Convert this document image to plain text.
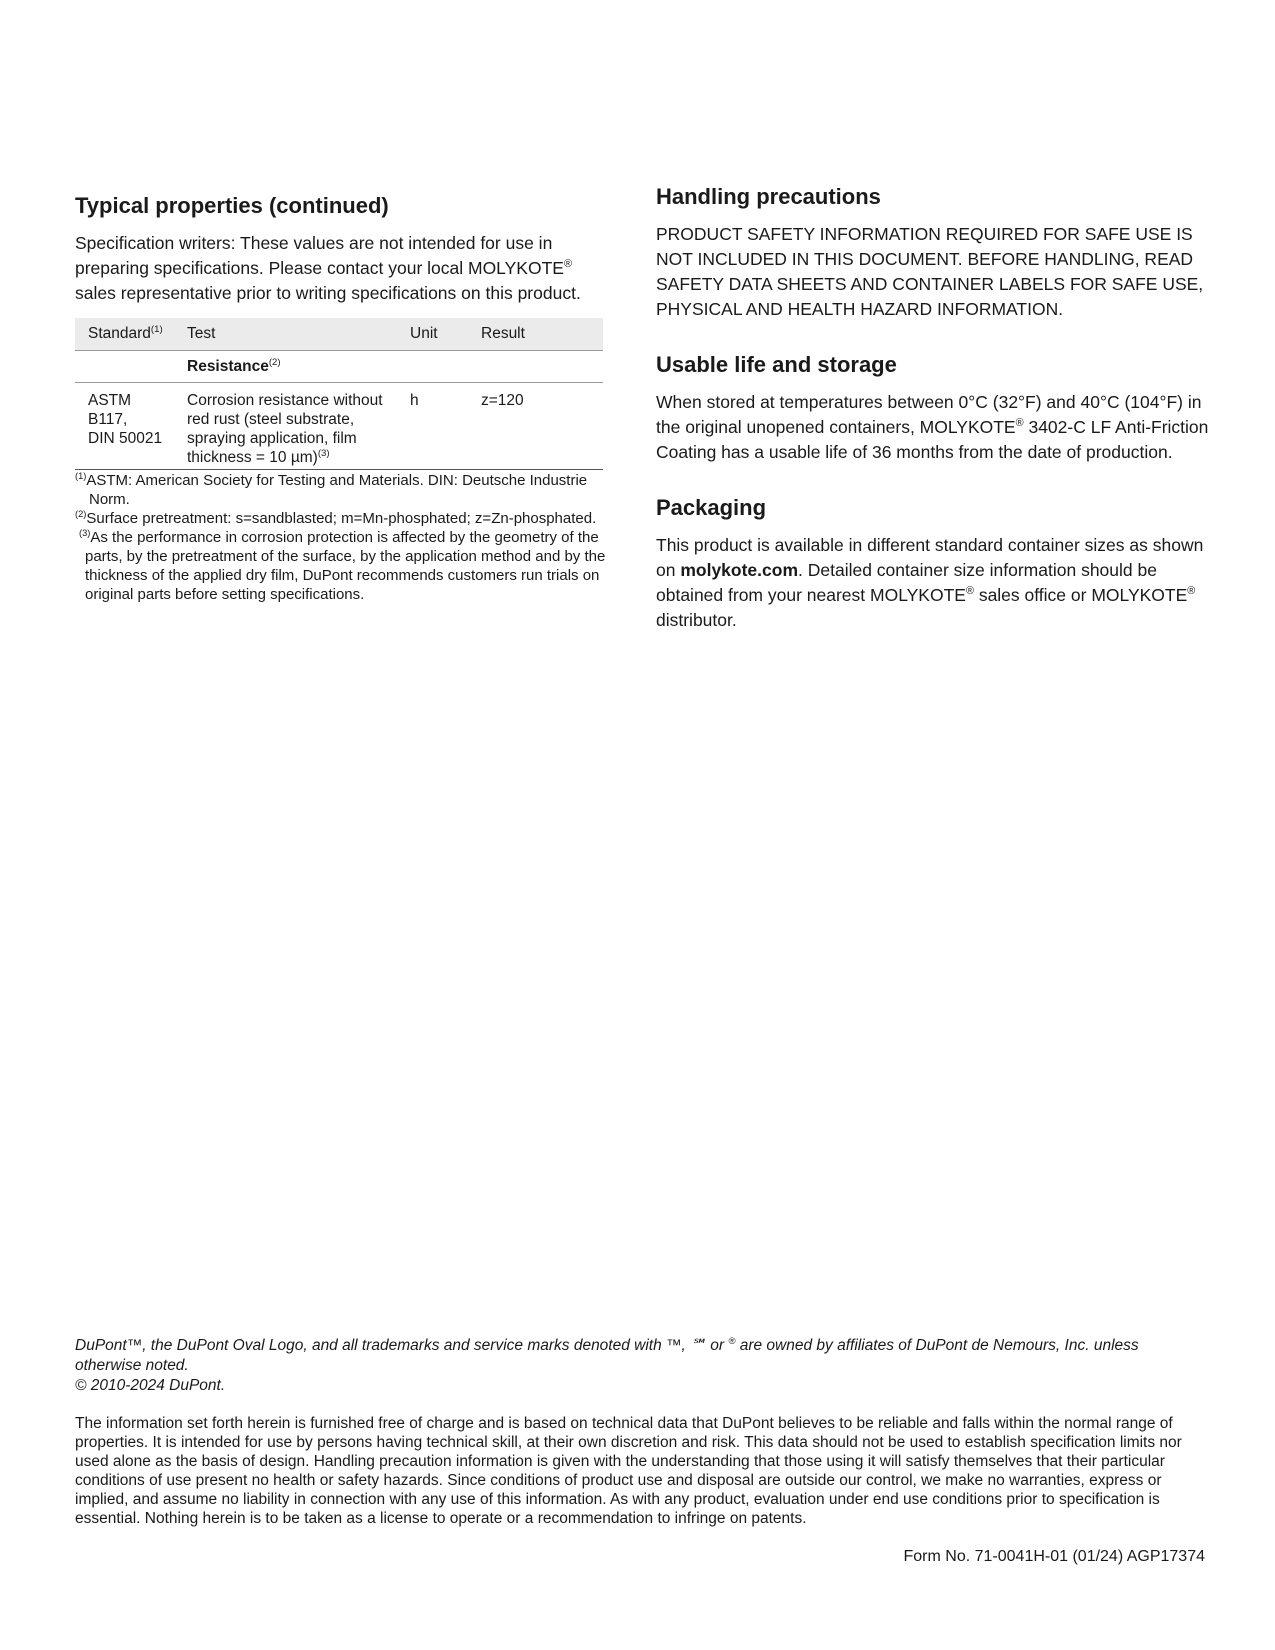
Typical properties (continued)

Specification writers: These values are not intended for use in preparing specifications. Please contact your local MOLYKOTE®
sales representative prior to writing specifications on this product.

Standard$^{(1)}$	Test	Unit	Result
	Resistance$^{(2)}$
ASTM
B117,
DIN 50021	Corrosion resistance without red rust (steel substrate, spraying application, film thickness = 10 µm)$^{(3)}$	h	z=120

$^{(1)}$ASTM: American Society for Testing and Materials. DIN: Deutsche Industrie Norm.

$^{(2)}$Surface pretreatment: s=sandblasted; m=Mn-phosphated; z=Zn-phosphated.

$^{(3)}$As the performance in corrosion protection is affected by the geometry of the parts, by the pretreatment of the surface, by the application method and by the thickness of the applied dry film, DuPont recommends customers run trials on original parts before setting specifications.

Handling precautions

PRODUCT SAFETY INFORMATION REQUIRED FOR SAFE USE IS NOT INCLUDED IN THIS DOCUMENT. BEFORE HANDLING, READ SAFETY DATA SHEETS AND CONTAINER LABELS FOR SAFE USE, PHYSICAL AND HEALTH HAZARD INFORMATION.

Usable life and storage

When stored at temperatures between 0°C (32°F) and 40°C (104°F) in the original unopened containers, MOLYKOTE® 3402-C LF Anti-Friction Coating has a usable life of 36 months from the date of production.

Packaging

This product is available in different standard container sizes as shown on molykote.com. Detailed container size information should be obtained from your nearest MOLYKOTE® sales office or MOLYKOTE® distributor.

DuPont™, the DuPont Oval Logo, and all trademarks and service marks denoted with ™, ℠ or ® are owned by affiliates of DuPont de Nemours, Inc. unless otherwise noted.
© 2010-2024 DuPont.

The information set forth herein is furnished free of charge and is based on technical data that DuPont believes to be reliable and falls within the normal range of properties. It is intended for use by persons having technical skill, at their own discretion and risk. This data should not be used to establish specification limits nor used alone as the basis of design. Handling precaution information is given with the understanding that those using it will satisfy themselves that their particular conditions of use present no health or safety hazards. Since conditions of product use and disposal are outside our control, we make no warranties, express or implied, and assume no liability in connection with any use of this information. As with any product, evaluation under end use conditions prior to specification is essential. Nothing herein is to be taken as a license to operate or a recommendation to infringe on patents.

Form No. 71-0041H-01 (01/24) AGP17374
